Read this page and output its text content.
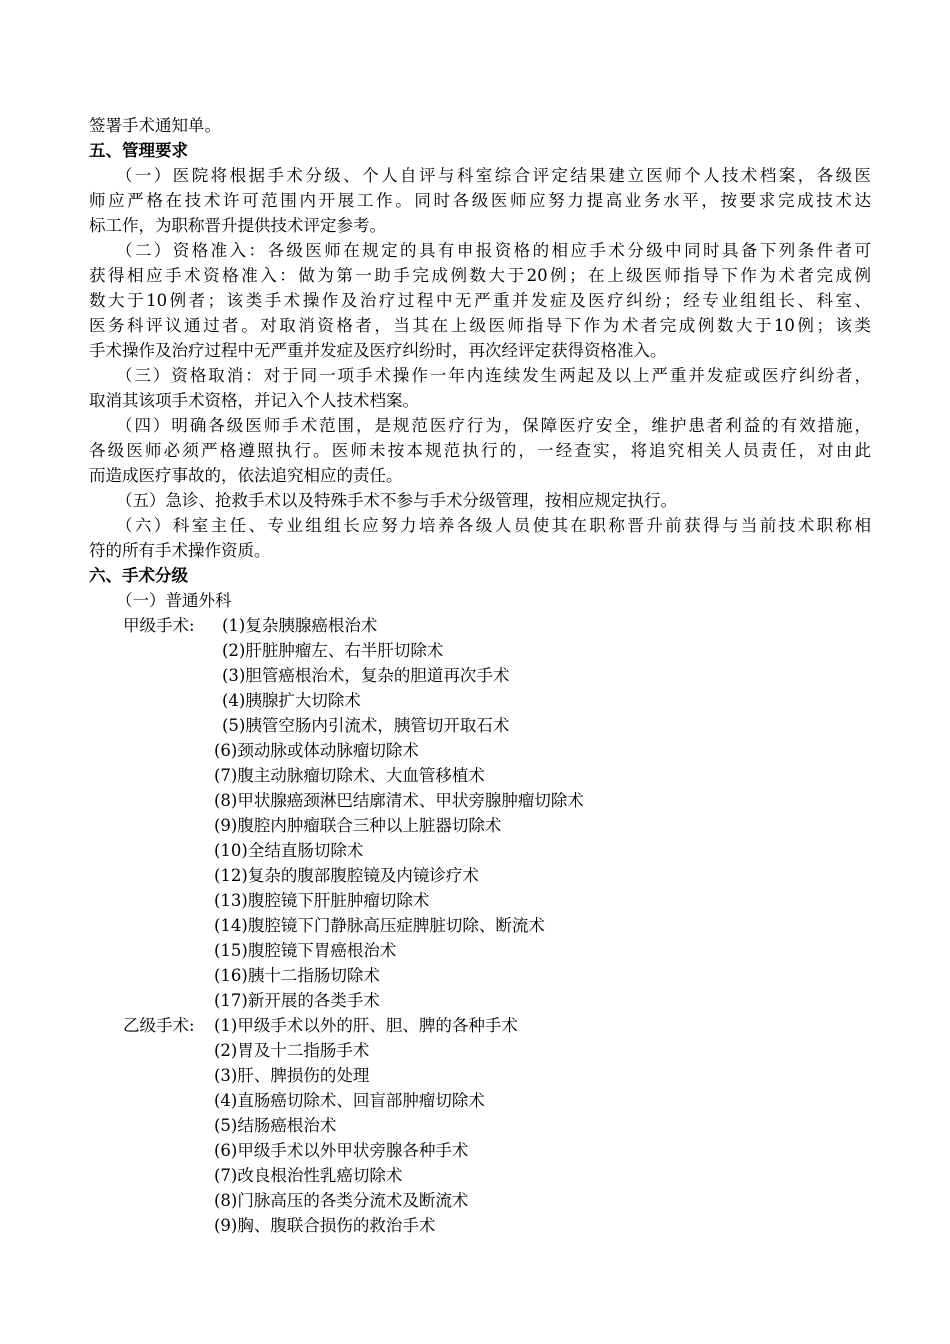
签署手术通知单。
五、管理要求
（一）医院将根据手术分级、个人自评与科室综合评定结果建立医师个人技术档案，各级医
师应严格在技术许可范围内开展工作。同时各级医师应努力提高业务水平，按要求完成技术达
标工作，为职称晋升提供技术评定参考。
（二）资格准入：各级医师在规定的具有申报资格的相应手术分级中同时具备下列条件者可
获得相应手术资格准入：做为第一助手完成例数大于20例；在上级医师指导下作为术者完成例
数大于10例者；该类手术操作及治疗过程中无严重并发症及医疗纠纷；经专业组组长、科室、
医务科评议通过者。对取消资格者，当其在上级医师指导下作为术者完成例数大于10例；该类
手术操作及治疗过程中无严重并发症及医疗纠纷时，再次经评定获得资格准入。
（三）资格取消：对于同一项手术操作一年内连续发生两起及以上严重并发症或医疗纠纷者，
取消其该项手术资格，并记入个人技术档案。
（四）明确各级医师手术范围，是规范医疗行为，保障医疗安全，维护患者利益的有效措施，
各级医师必须严格遵照执行。医师未按本规范执行的，一经查实，将追究相关人员责任，对由此
而造成医疗事故的，依法追究相应的责任。
（五）急诊、抢救手术以及特殊手术不参与手术分级管理，按相应规定执行。
（六）科室主任、专业组组长应努力培养各级人员使其在职称晋升前获得与当前技术职称相
符的所有手术操作资质。
六、手术分级
（一）普通外科
甲级手术: (1)复杂胰腺癌根治术
(2)肝脏肿瘤左、右半肝切除术
(3)胆管癌根治术，复杂的胆道再次手术
(4)胰腺扩大切除术
(5)胰管空肠内引流术，胰管切开取石术
(6)颈动脉或体动脉瘤切除术
(7)腹主动脉瘤切除术、大血管移植术
(8)甲状腺癌颈淋巴结廓清术、甲状旁腺肿瘤切除术
(9)腹腔内肿瘤联合三种以上脏器切除术
(10)全结直肠切除术
(12)复杂的腹部腹腔镜及内镜诊疗术
(13)腹腔镜下肝脏肿瘤切除术
(14)腹腔镜下门静脉高压症脾脏切除、断流术
(15)腹腔镜下胃癌根治术
(16)胰十二指肠切除术
(17)新开展的各类手术
乙级手术: (1)甲级手术以外的肝、胆、脾的各种手术
(2)胃及十二指肠手术
(3)肝、脾损伤的处理
(4)直肠癌切除术、回盲部肿瘤切除术
(5)结肠癌根治术
(6)甲级手术以外甲状旁腺各种手术
(7)改良根治性乳癌切除术
(8)门脉高压的各类分流术及断流术
(9)胸、腹联合损伤的救治手术
